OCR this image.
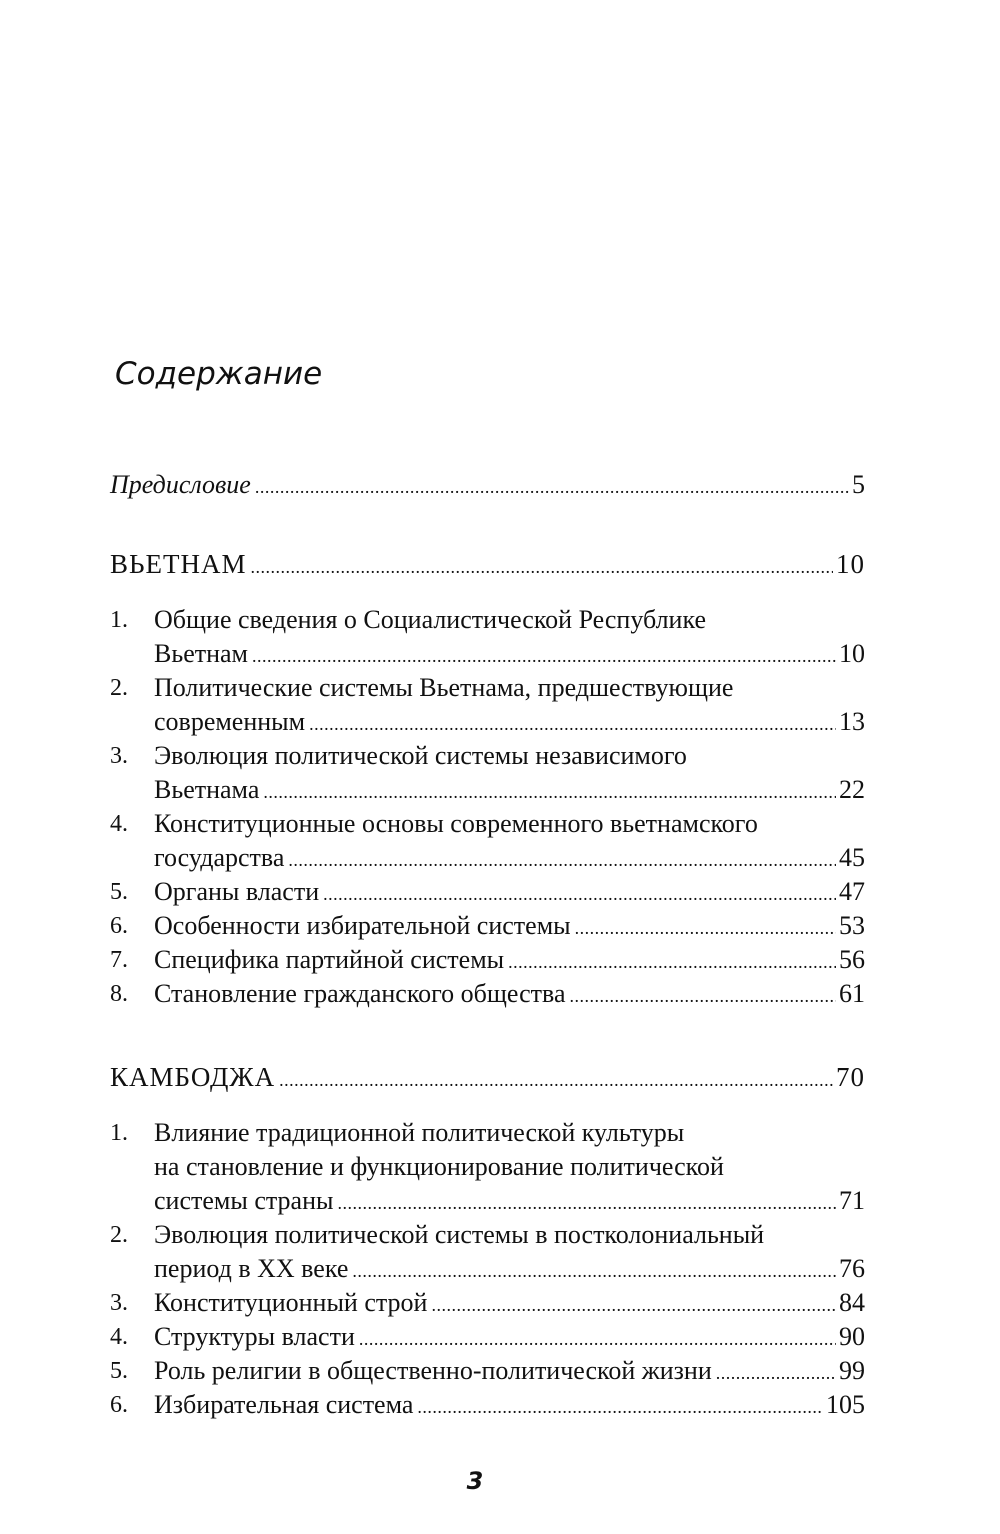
Содержание
Предисловие .....	5
ВЬЕТНАМ .....	10
1.	Общие сведения о Социалистической Республике
Вьетнам .....	10
2.	Политические системы Вьетнама, предшествующие
современным .....	13
3.	Эволюция политической системы независимого
Вьетнама .....	22
4.	Конституционные основы современного вьетнамского
государства .....	45
5.	Органы власти .....	47
6.	Особенности избирательной системы .....	53
7.	Специфика партийной системы .....	56
8.	Становление гражданского общества .....	61
КАМБОДЖА .....	70
1.	Влияние традиционной политической культуры
на становление и функционирование политической
системы страны .....	71
2.	Эволюция политической системы в постколониальный
период в XX веке .....	76
3.	Конституционный строй .....	84
4.	Структуры власти .....	90
5.	Роль религии в общественно-политической жизни .....	99
6.	Избирательная система .....	105
3
